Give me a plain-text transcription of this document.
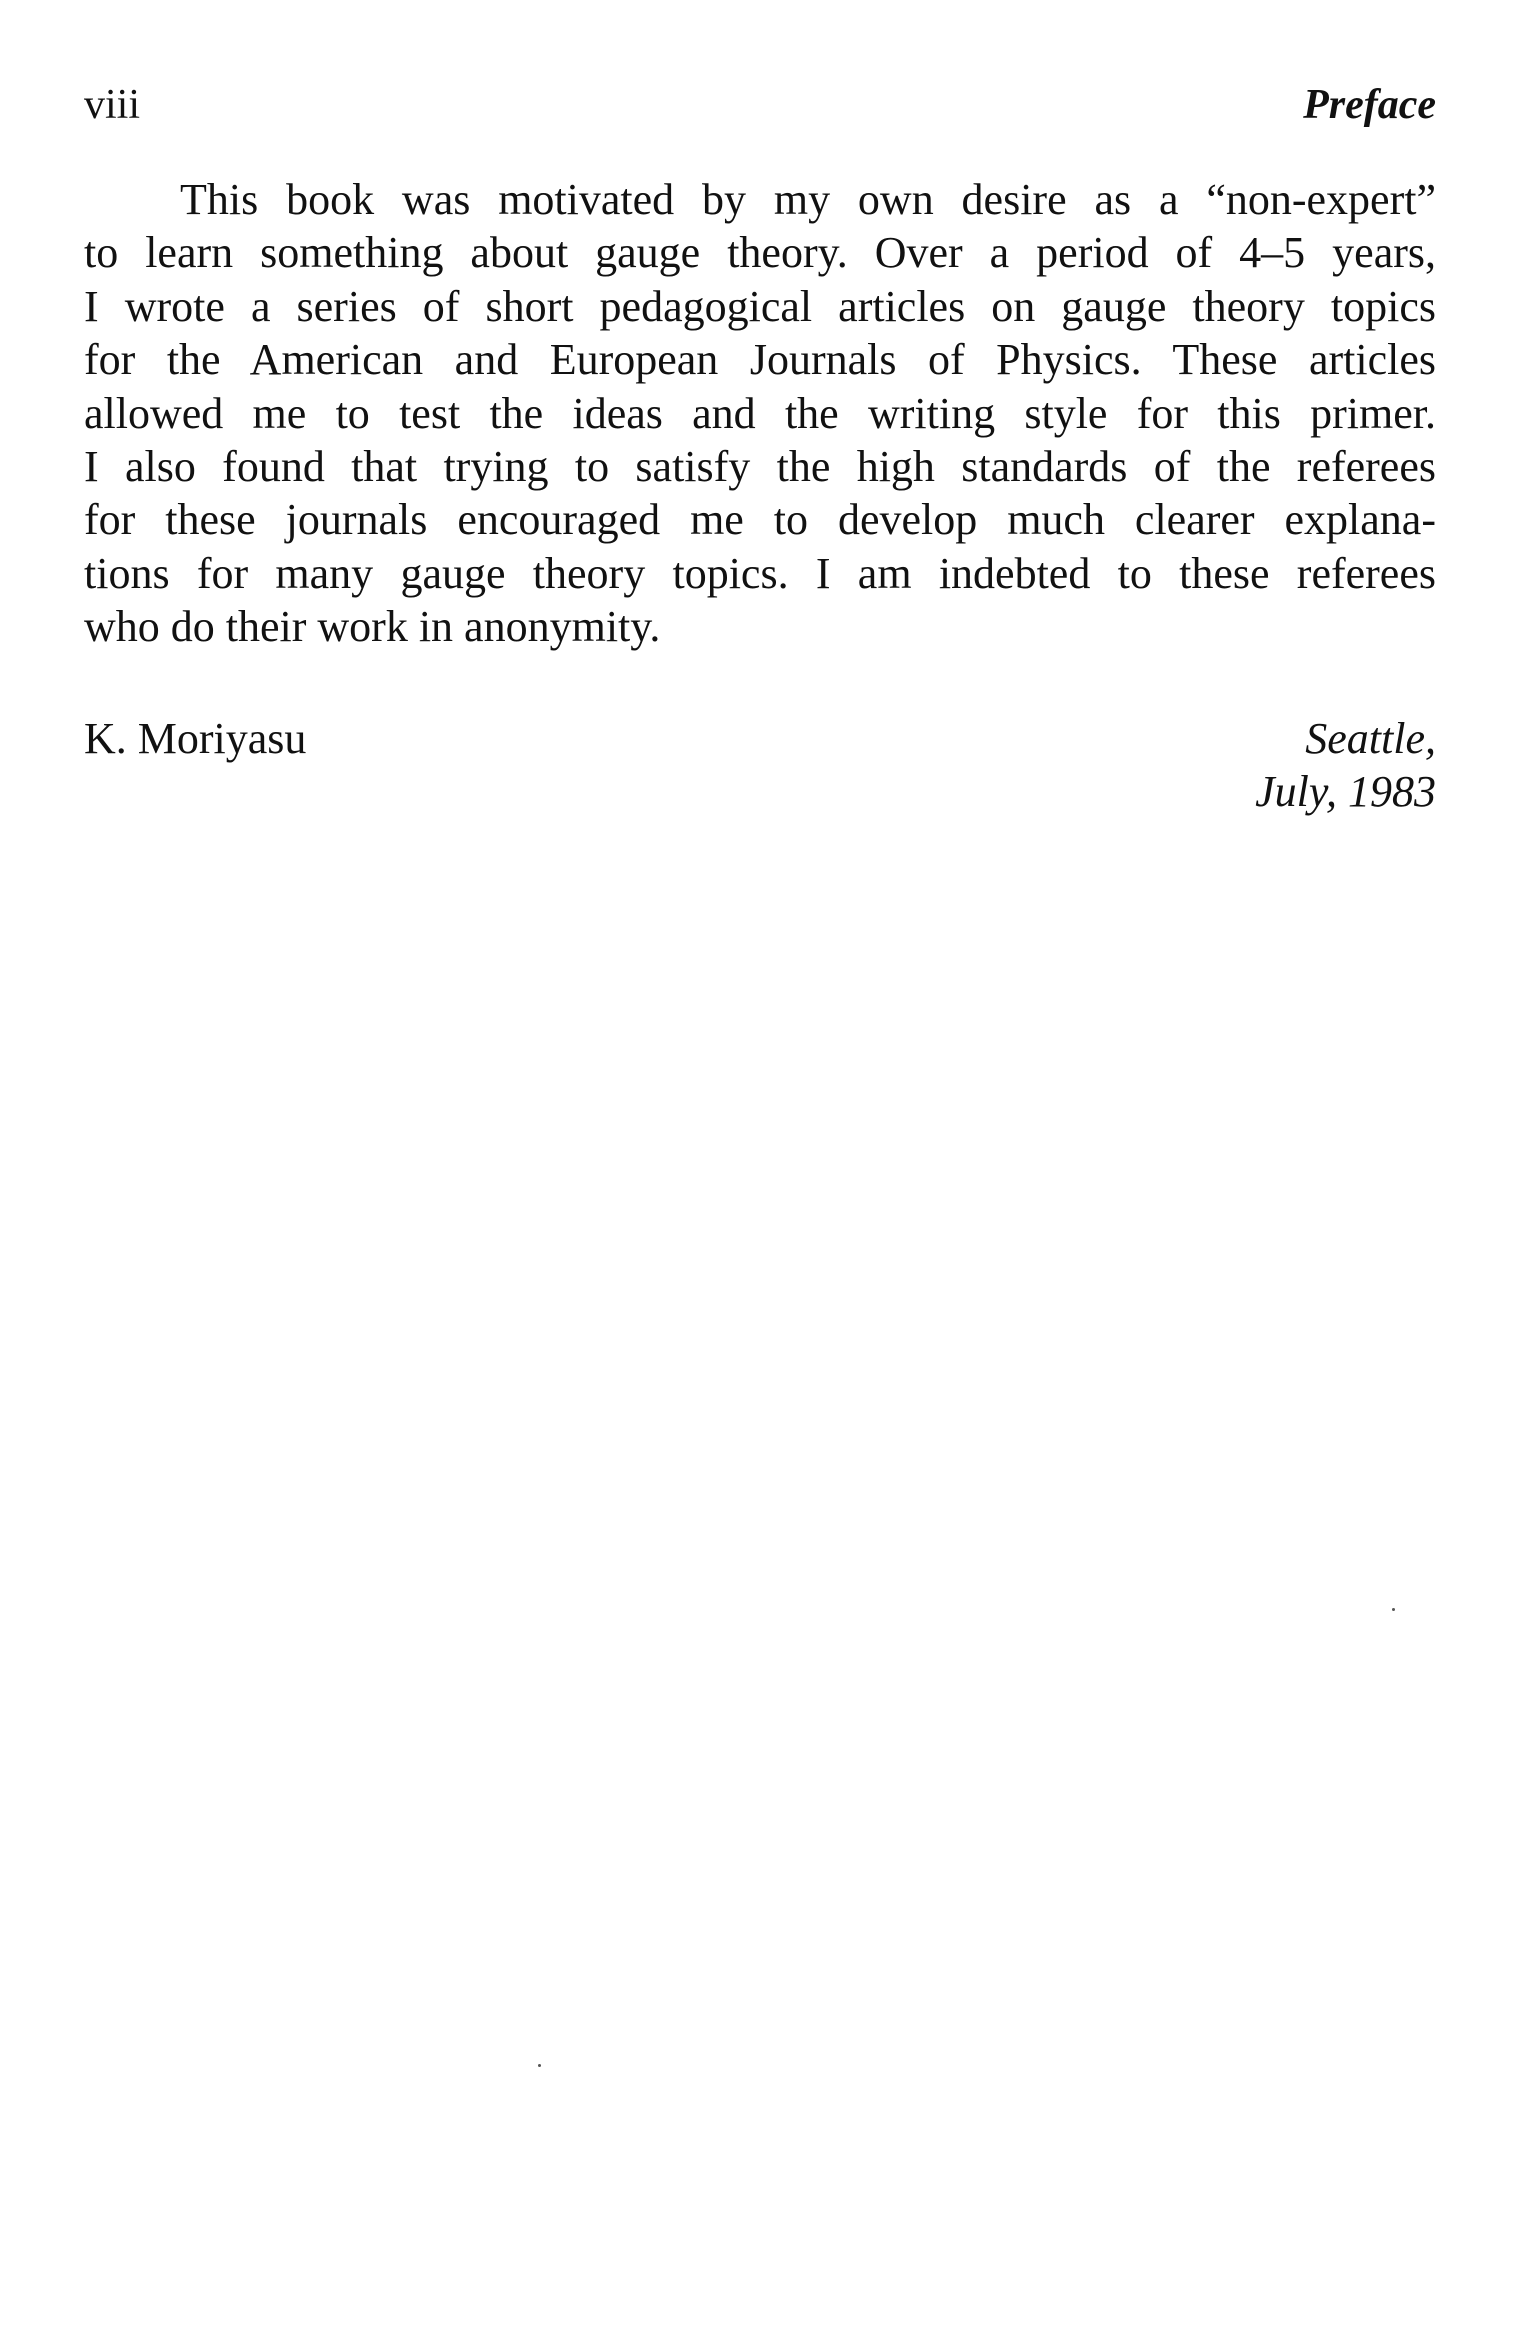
viii	Preface
This book was motivated by my own desire as a “non-expert”
to learn something about gauge theory. Over a period of 4–5 years,
I wrote a series of short pedagogical articles on gauge theory topics
for the American and European Journals of Physics. These articles
allowed me to test the ideas and the writing style for this primer.
I also found that trying to satisfy the high standards of the referees
for these journals encouraged me to develop much clearer explana-
tions for many gauge theory topics. I am indebted to these referees
who do their work in anonymity.
K. Moriyasu	Seattle,
July, 1983
